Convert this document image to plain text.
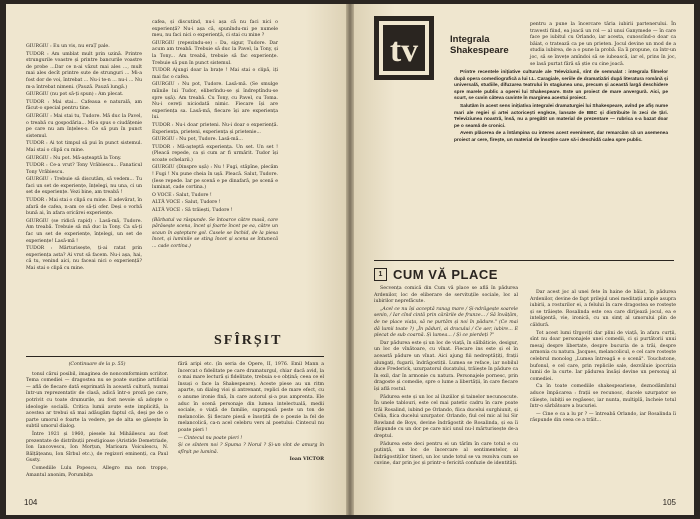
GIURGIU : Eu un vis, nu eraȚ pale.

TUDOR : Am umblat mult prin uzină. Printre strungurile voastre și printre bancurile voastre de probe ...Dar ce n-ai văzut mai ales ..., mult mai ales decît printre sute de strunguri ... Mi-a fost dor de voi, întrebat ... Nu-i te-n ... nu-i ... Nu m-a întrebat nimeni. (Pauză. Pauză lungă.)

GIURGIU (nu pot să-ți spun) : Am plecat.

TUDOR : Mai stai... Cafeaua e naturală, am făcut-o special pentru tine.

GIURGIU : Mai stai tu, Tudore. Mă duc la Pavel, o treabă cu gospodăria... Mi-a spus o ciudățenie pe care nu am înțeles-o. Ce să pun în punct sistemul.

TUDOR : Ai tot timpul să pui în punct sistemul. Mai stai o clipă cu mine.

GIURGIU : Nu pot. Mă-așteaptă la Tony.

TUDOR : Ce-a vrut? Tony Vrăbiescu... Fanaticul Tony Vrăbiescu.

GIURGIU : Trebuie să discutăm, să vedem... Tu faci un set de experiențe, înțelegi, nu una, ci un set de experiențe. Vezi bine, am treabă !

TUDOR : Mai stai o clipă cu mine. E adevărat, în afară de cafea, n-am ce să-ți ofer. Deși o vorbă bună ai, în afara oricărei experiențe.

GIURGIU (se ridică rapid) : Lasă-mă, Tudore. Am treabă. Trebuie să mă duc la Tony. Ca să-ți fac un set de experiențe, înțelegi, un set de experiențe! Lasă-mă !

TUDOR : Mărturisește, ți-ai ratat prin experiența asta? Ai vrut să facem. Nu-i așa, hai, că tu, venind aici, nu faceai nici o experiență? Mai stai o clipă cu mine.

cafea, și discutind, nu-i așa că nu faci nici o experiență? Nu-i așa că, spunîndu-mi pe numele meu, nu faci nici o experiență, ci stai cu mine ?

GIURGIU (repezindu-se) : Da, sigur, Tudore. Dar acum am treabă. Trebuie să duc la Pavel, la Tony, și la Tony... Am treabă, trebuie să fac experiențe. Trebuie să pun în punct sistemul.

TUDOR Ajungi doar la brațe ! Mai stai o clipă, iți mai fac o cafea.

GIURGIU : Nu pot, Tudore. Lasă-mă. (Se smulge mîinile lui Tudor, eliberîndu-se și îndreptîndu-se spre ușă). Am treabă. Cu Tony, cu Pavel, cu Toma. Nu-i cereți niciodată nimic. Fiecare își are experiența sa. Lasă-mă, fiecare își are experiența lui.

TUDOR : Nu-i doar prieteni. Nu-i doar o experiență. Experiența, prieteni, experiența și prietenie...

GIURGIU : Nu pot, Tudore. Lasă-mă...

TUDOR : Mă-așteptă experiența. Un set. Un set ! (Pleacă repede, ca și cum ar fi urmărit. Tudor își scoate ochelarii.)

GIURGIU (Dinspre ușă) : Nu ! Fugi, stăpîne, plecăm ! Fugi ! Nu pune cheia în ușă. Pleacă. Salut, Tudore. (Iese repede. Iar pe scenă e pe dinafară, pe scenă e luminat, cade cortina.)

O VOCE : Salut, Tudore !

ALTĂ VOCE : Salut, Tudore !

ALTĂ VOCE : Să trăiești, Tudore !

(Bărbatul va răspunde. Se întoarce către masă, care părăsește scena, încet și foarte încet pe ea, către un scaun în așteptare gol. Casele se închid, de la piesa încet, și luminile se sting încet și scena se întunecă ... cade cortina.)

SFÎRȘIT

(Continuare de la p. 55)

tonul cărui posibil, imaginea de noncomformism scriitor. Tema comediei — dragostea nu se poate susține artificial — află de fiecare dată exprimată în această cultură, numai într-un reprezentativ de clasă, adică într-o proză pe care, potrivit cu toate drumurile, au fost nevoie să adopte o ideologie socială. Critica lumii avute este implicită, la acestea ar trebui să mai adăugăm faptul că, deși pe de o parte umorul e foarte la vedere, pe de alta se găsește în subtil umorul dialog.

Între 1921 și 1960, piesele lui Mihăilescu au fost prezentate de distribuții prestigioase (Aristide Demetriade, Ion Iancovescu, Ion Morțun, Marioara Voiculescu, N. Bălțățeanu, Ion Sîrbul etc.), de regizori eminenți, ca Paul Gusty.

Comediile Lulu Popescu, Allegro ma non troppo, Amantul anonim, Porumbița

fără aripi etc. (în seria de Opere, II, 1976. Emil Mann a încercat o fidelitate pe care dramaturgul, chiar dacă avid, la o mai mare lectură și fidelitate, trebuia s-o obțină; ceea ce el însuși o face la Shakespeare). Aceste piese au un ritm aparte, un dialog vioi și antrenant, replici de mare efect, cu o anume ironie fină, în care autorul și-a pus amprenta. Ele aduc în scenă personaje din lumea intelectuală, medii sociale, o viață de familie, suprapusă peste un ton de melancolie. Și fiecare piesă e însoțită de o poezie la fel de melancolică, ca-n acel celebru vers al poetului: Cintecul nu poate pieri !

— Cintecul nu poate pieri !

Și ce sîntem noi ? Spuma ? Norul ? Și-un vînt de amurg în sfîrșit pe lumină.

Ioan VICTOR

104
tv	Integrala
Shakespeare

Printre recentele inițiative culturale ale Televiziunii, sînt de semnalat : integrala filmelor după opera comediografică a lui I.L. Caragiale, seriile de dramatizări după literatura română și universală, studiile, difuzarea teatrului în stagiunea unu, precum și această largă deschidere spre marele public a operei lui Shakespeare. Este un proiect de mare anvergură. Aici, pe scurt, se cuvin câteva cuvinte în marginea acestui proiect.

Salutăm în acest sens inițiativa integralei dramaturgiei lui Shakespeare, avînd pe afiș nume mari ale regiei și artei actoricești engleze, lansate de BBC și distribuite în zeci de țări. Televiziunea noastră, însă, nu a pregătit un material de prezentare — rubrica s-a bazat doar pe o seamă de cronici.

Avem plăcerea de a întâmpina cu interes acest eveniment, dar remarcăm că un asemenea proiect ar cere, firește, un material de însoțire care să-i deschidă calea spre public.

1 CUM VĂ PLACE

Secvența comică din Cum vă place se află în pădurea Ardenilor, loc de eliberare de servituțile sociale, loc al iubirilor neprefăcute.

„Acel ce nu își acceptă ranag mare / Și-ndrăgește soarele senin, / Iar cînd cintă prin cărările de frunze... / Să învățăm, de ne place viața, să ne purtăm și noi în pădure." (Ce mai dă lumii toate ?) „În păduri, ai dracului / Ce aer, iubire... E plecat de sub coarnă. Și lumea... / Și ce pierdeți ?"

Dar pădurea este și un loc de viață, în sălbăticie, desigur, un loc de vînătoare, cu vînat. Fiecare ins este și el în această pădure un vînat. Aici ajung fiii nedreptățiți, frații alungați, fugarii, îndrăgostiții. Lumea se reface, iar nobilul duce Frederick, uzurpatorul ducatului, trăiește în pădure ca în exil, dar în armonie cu natura. Personajele pornesc, prin dragoste și comedie, spre o lume a libertății, în care fiecare își află rostul.

Pădurea este și un loc al iluziilor și tainelor necunoscute. În unele tablouri, este cel mai patetic cadru în care poate trăi Rosalind, iubind pe Orlando, fiica ducelui surghiunit, și Celia, fiica ducelui uzurpator. Orlando, fiul cel mic al lui Sir Rowland de Boys, devine îndrăgostit de Rosalinda, și ea îi răspunde cu un dor pe care nici unul nu-l mărturisește de-a dreptul.

Pădurea este deci pentru ei un tărîm în care totul e cu putință, un loc de încercare al sentimentelor, al îndrăgostiților tineri, un loc unde totul se va rezolva cum se cuvine, dar prin joc și printr-o fericită confuzie de identități.

pentru a pune la încercare tăria iubirii partenerului. În travesti fiind, ea joacă un rol — al unui Ganymede — în care face pe iubitul cu Orlando, iar acesta, cunoscînd-o doar ca băiat, o tratează ca pe un prieten. Jocul devine un mod de a studia iubirea, de a o pune la probă. Ea îi propune, ca într-un joc, să se învețe amîndoi să se iubească, iar el, prins în joc, se lasă purtat fără să știe cu cine joacă.

Dar acest joc al unei fete în haine de băiat, în pădurea Ardenilor, devine de fapt prilejul unei meditații ample asupra iubirii, a rosturilor ei, a felului în care dragostea se rostește și se trăiește. Rosalinda este cea care dirijează jocul, ea e inteligentă, vie, ironică, cu un simț al umorului plin de căldură.

Tot acest lumi tîrgoviți dar plini de viață, în afara curții, sînt nu doar personajele unei comedii, ci și purtătorii unui mesaj despre libertate, despre bucuria de a trăi, despre armonia cu natura. Jacques, melancolicul, e cel care rostește celebrul monolog „Lumea întreagă e o scenă". Touchstone, bufonul, e cel care, prin replicile sale, dezvăluie ipocrizia lumii de la curte. Iar pădurea însăși devine un personaj al comediei.

Ca în toate comediile shakespeariene, deznodămîntul aduce împăcarea : frații se recunosc, ducele uzurpator se căiește, iubiții se regăsesc, iar nunta, multiplă, încheie totul într-o sărbătoare a bucuriei.

— Cine e ca a lu pr ? — întreabă Orlando, iar Rosalinda îi răspunde din ceea ce a trăit...

105
